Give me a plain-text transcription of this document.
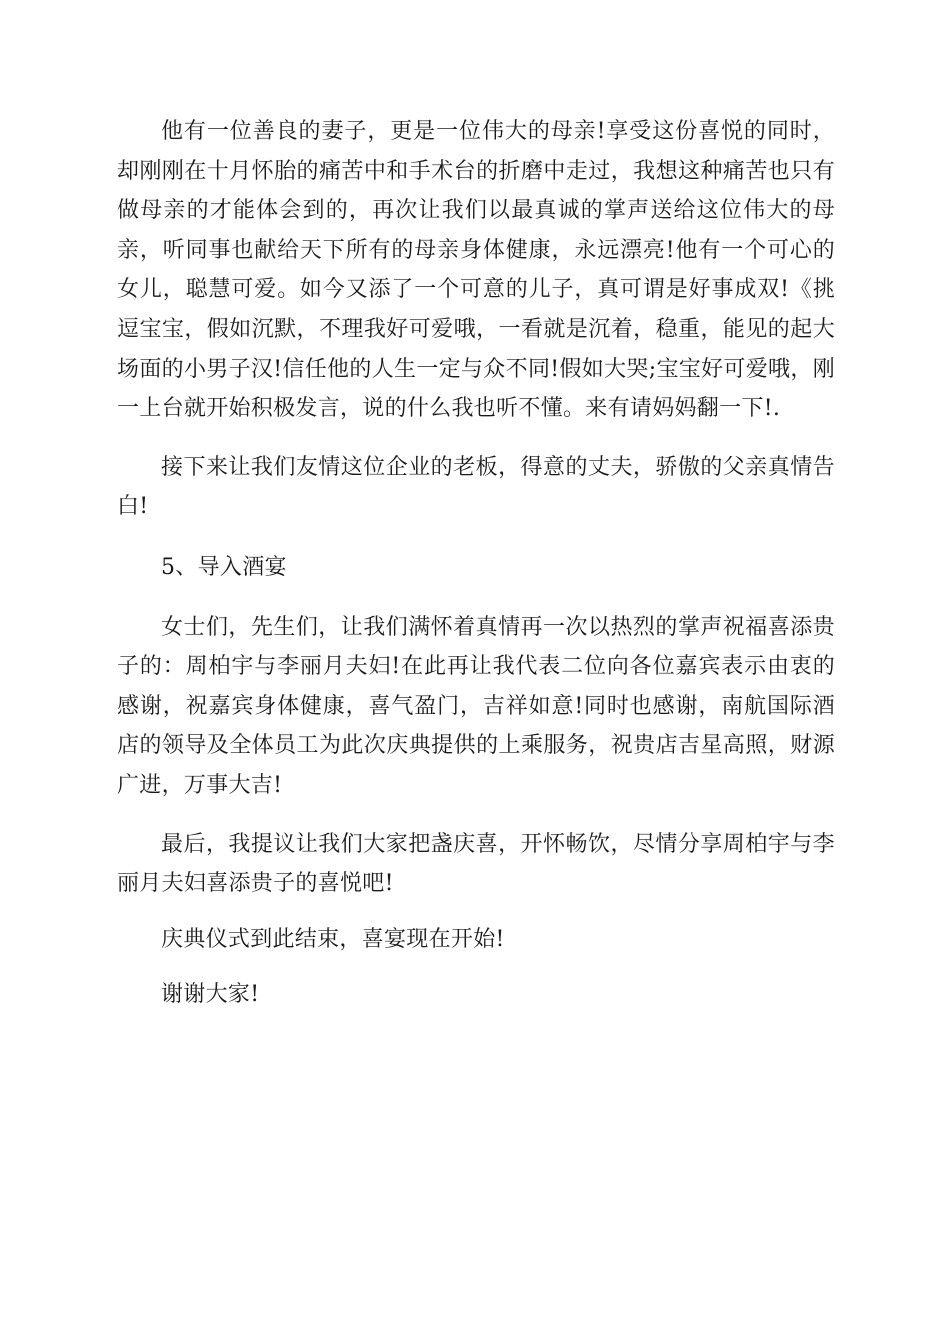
他有一位善良的妻子，更是一位伟大的母亲!享受这份喜悦的同时，却刚刚在十月怀胎的痛苦中和手术台的折磨中走过，我想这种痛苦也只有做母亲的才能体会到的，再次让我们以最真诚的掌声送给这位伟大的母亲，听同事也献给天下所有的母亲身体健康，永远漂亮!他有一个可心的女儿，聪慧可爱。如今又添了一个可意的儿子，真可谓是好事成双!《挑逗宝宝，假如沉默，不理我好可爱哦，一看就是沉着，稳重，能见的起大场面的小男子汉!信任他的人生一定与众不同!假如大哭;宝宝好可爱哦，刚一上台就开始积极发言，说的什么我也听不懂。来有请妈妈翻一下!.

接下来让我们友情这位企业的老板，得意的丈夫，骄傲的父亲真情告白!

5、导入酒宴

女士们，先生们，让我们满怀着真情再一次以热烈的掌声祝福喜添贵子的：周柏宇与李丽月夫妇!在此再让我代表二位向各位嘉宾表示由衷的感谢，祝嘉宾身体健康，喜气盈门，吉祥如意!同时也感谢，南航国际酒店的领导及全体员工为此次庆典提供的上乘服务，祝贵店吉星高照，财源广进，万事大吉!

最后，我提议让我们大家把盏庆喜，开怀畅饮，尽情分享周柏宇与李丽月夫妇喜添贵子的喜悦吧!

庆典仪式到此结束，喜宴现在开始!

谢谢大家!
